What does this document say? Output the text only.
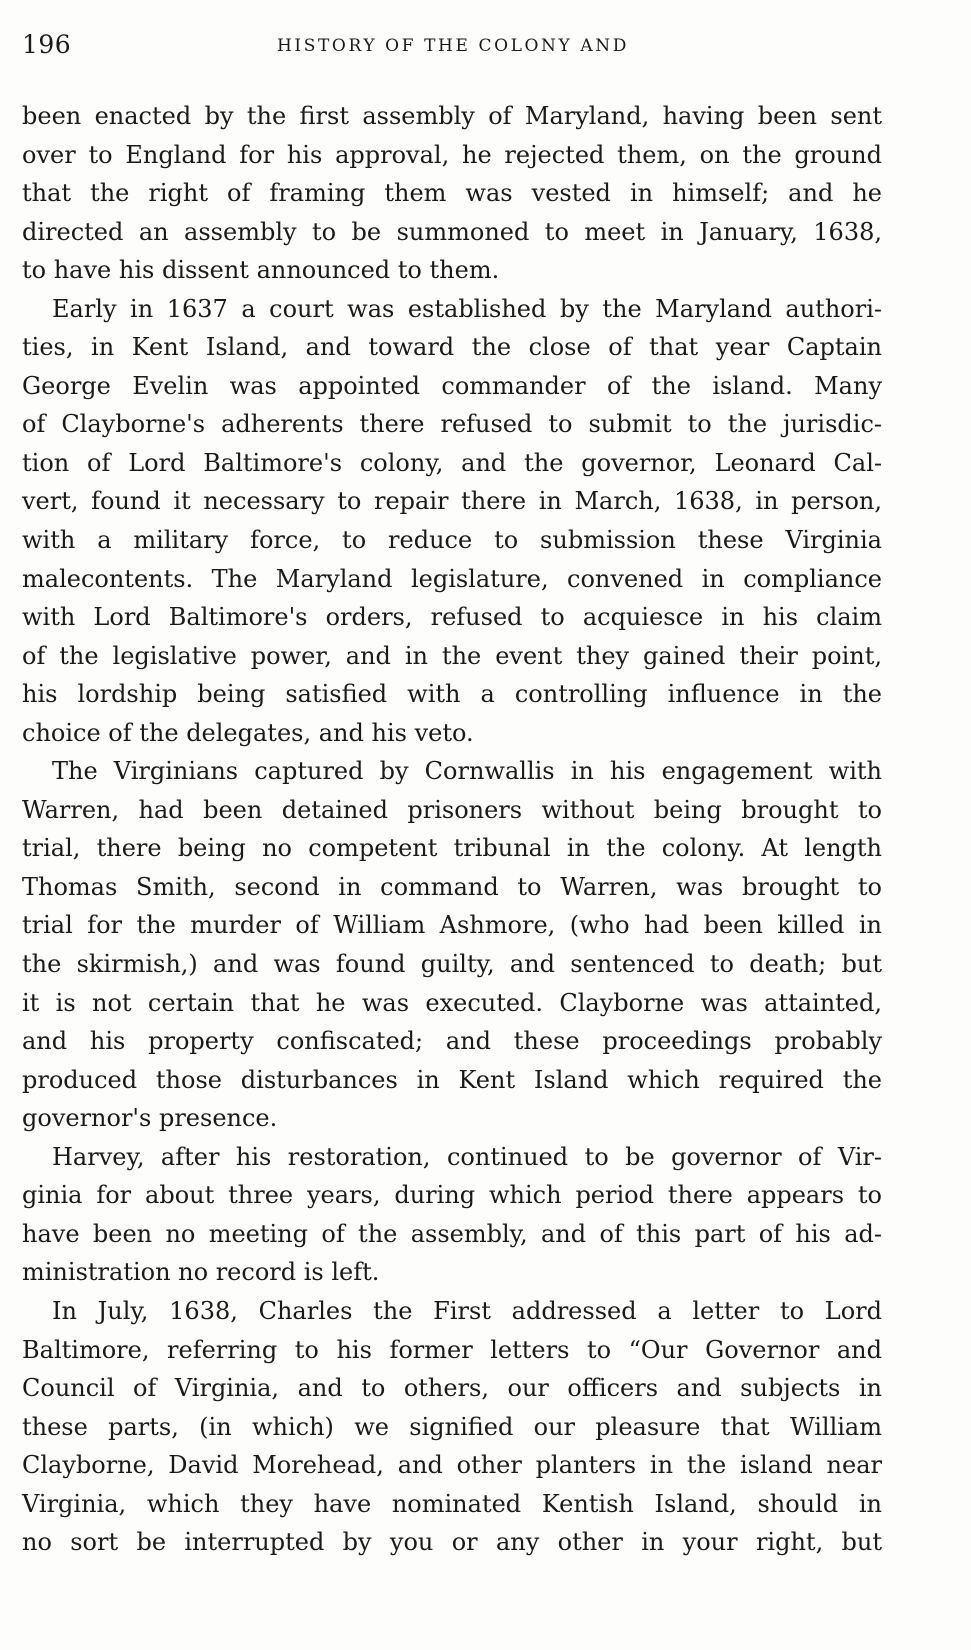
196	HISTORY OF THE COLONY AND
been enacted by the first assembly of Maryland, having been sent
over to England for his approval, he rejected them, on the ground
that the right of framing them was vested in himself; and he
directed an assembly to be summoned to meet in January, 1638,
to have his dissent announced to them.
Early in 1637 a court was established by the Maryland authori-
ties, in Kent Island, and toward the close of that year Captain
George Evelin was appointed commander of the island. Many
of Clayborne's adherents there refused to submit to the jurisdic-
tion of Lord Baltimore's colony, and the governor, Leonard Cal-
vert, found it necessary to repair there in March, 1638, in person,
with a military force, to reduce to submission these Virginia
malecontents. The Maryland legislature, convened in compliance
with Lord Baltimore's orders, refused to acquiesce in his claim
of the legislative power, and in the event they gained their point,
his lordship being satisfied with a controlling influence in the
choice of the delegates, and his veto.
The Virginians captured by Cornwallis in his engagement with
Warren, had been detained prisoners without being brought to
trial, there being no competent tribunal in the colony. At length
Thomas Smith, second in command to Warren, was brought to
trial for the murder of William Ashmore, (who had been killed in
the skirmish,) and was found guilty, and sentenced to death; but
it is not certain that he was executed. Clayborne was attainted,
and his property confiscated; and these proceedings probably
produced those disturbances in Kent Island which required the
governor's presence.
Harvey, after his restoration, continued to be governor of Vir-
ginia for about three years, during which period there appears to
have been no meeting of the assembly, and of this part of his ad-
ministration no record is left.
In July, 1638, Charles the First addressed a letter to Lord
Baltimore, referring to his former letters to “Our Governor and
Council of Virginia, and to others, our officers and subjects in
these parts, (in which) we signified our pleasure that William
Clayborne, David Morehead, and other planters in the island near
Virginia, which they have nominated Kentish Island, should in
no sort be interrupted by you or any other in your right, but
